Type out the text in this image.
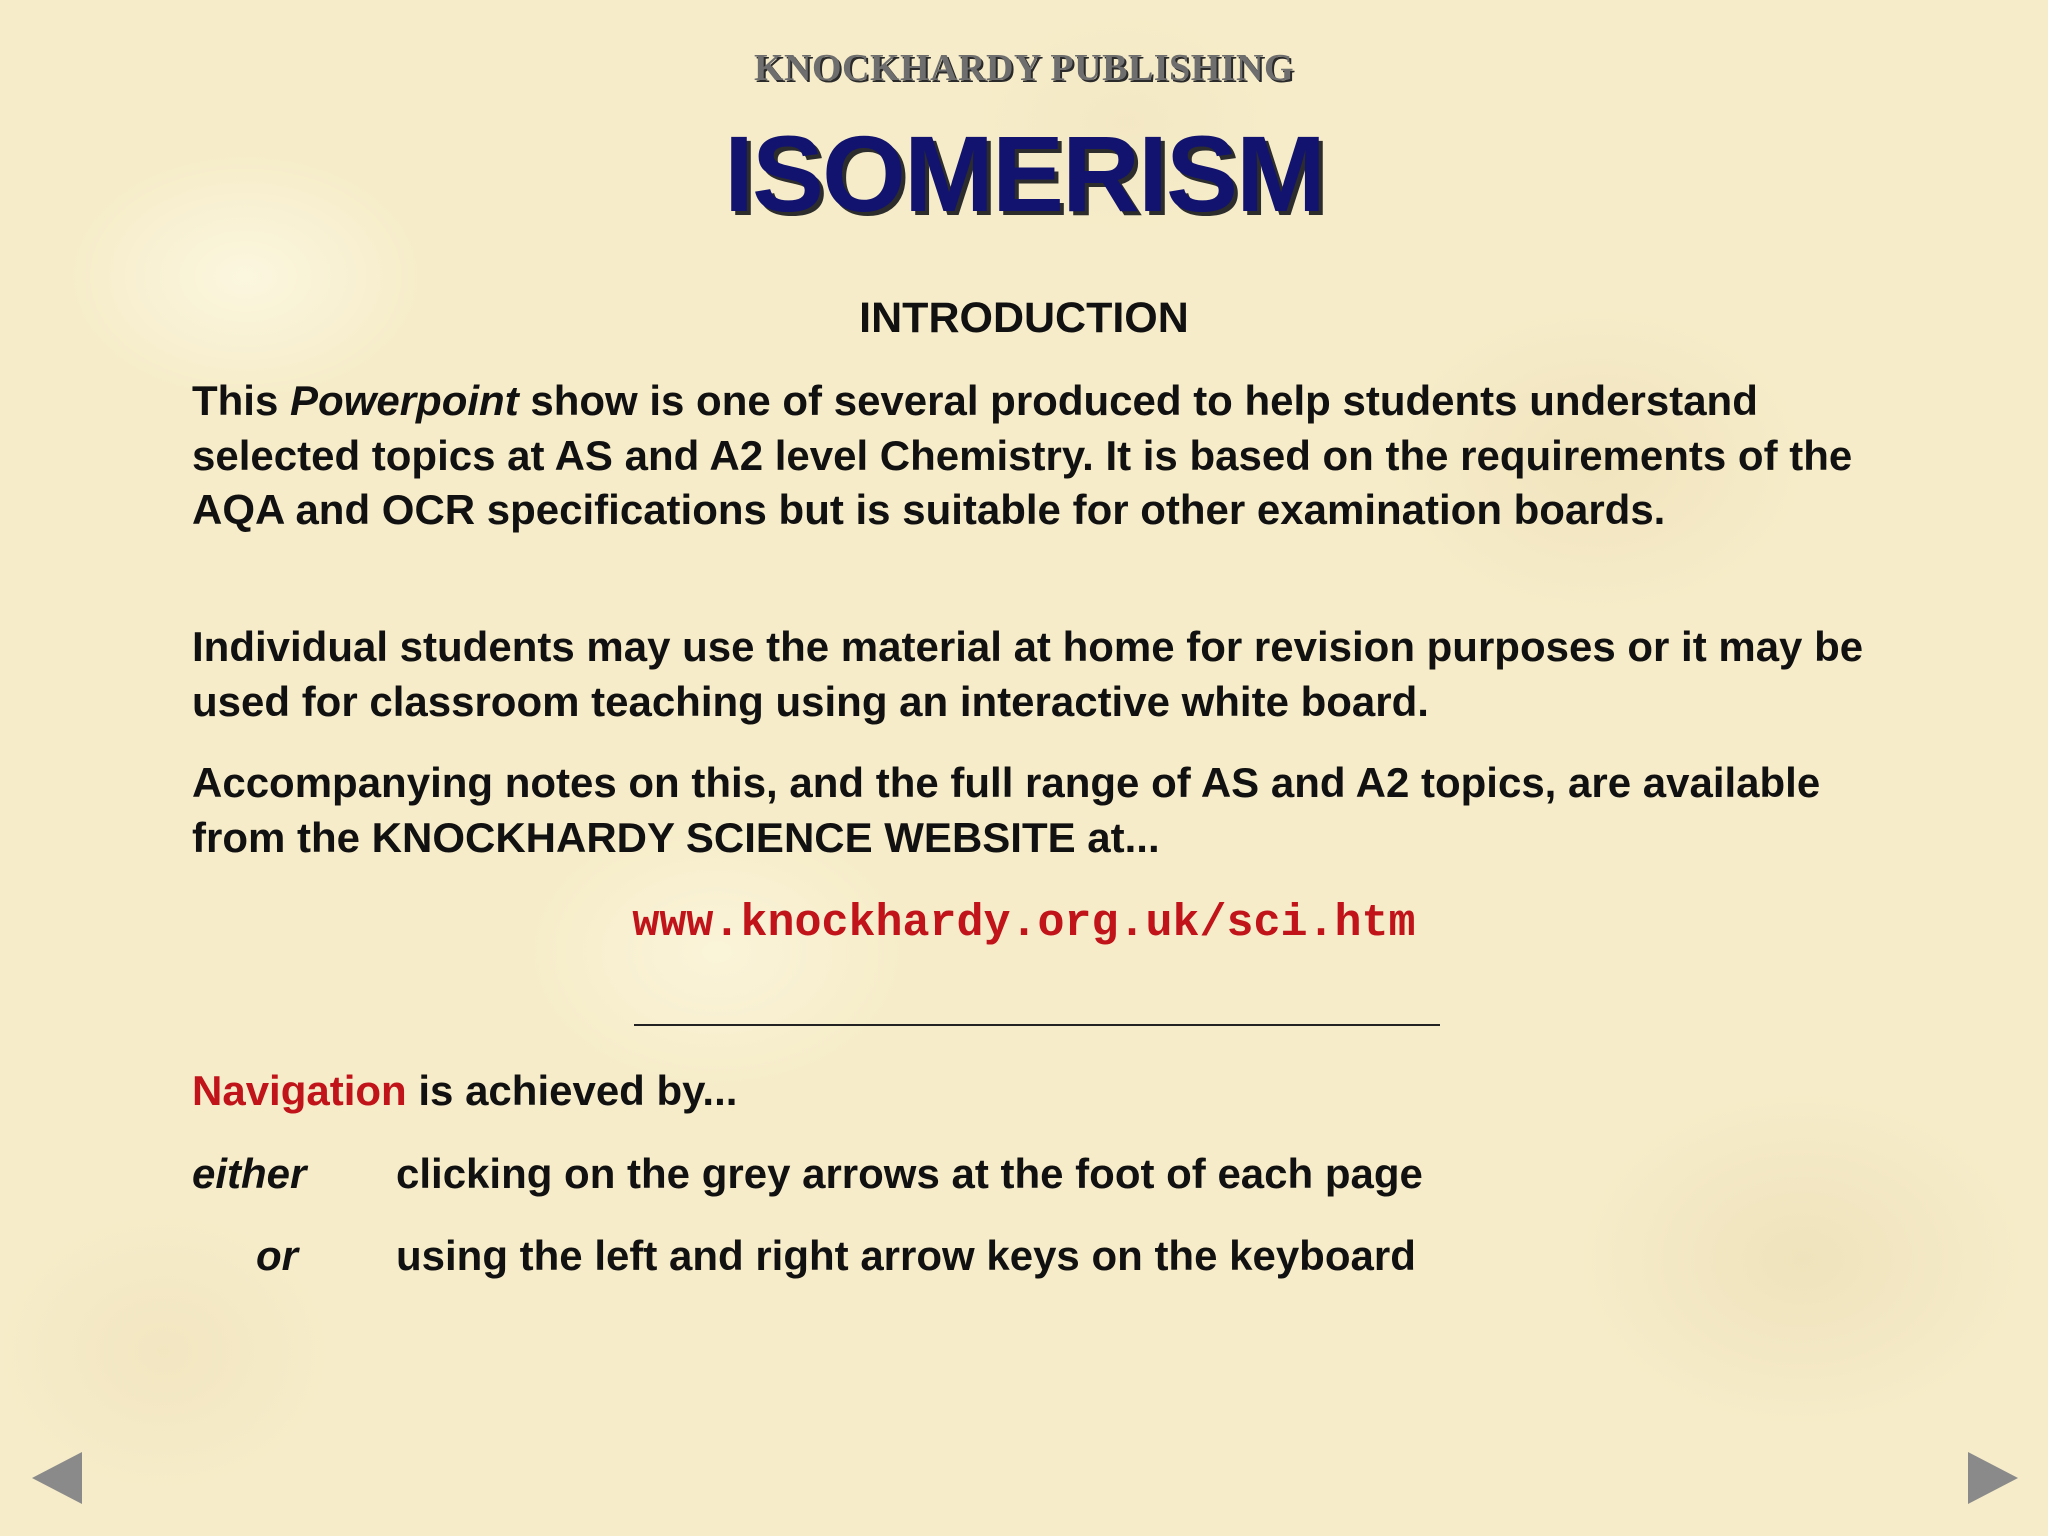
KNOCKHARDY PUBLISHING
ISOMERISM
INTRODUCTION

This Powerpoint show is one of several produced to help students understand selected topics at AS and A2 level Chemistry. It is based on the requirements of the AQA and OCR specifications but is suitable for other examination boards.

Individual students may use the material at home for revision purposes or it may be used for classroom teaching using an interactive white board.

Accompanying notes on this, and the full range of AS and A2 topics, are available from the KNOCKHARDY SCIENCE WEBSITE at...

www.knockhardy.org.uk/sci.htm
Navigation is achieved by...
either clicking on the grey arrows at the foot of each page
or using the left and right arrow keys on the keyboard
